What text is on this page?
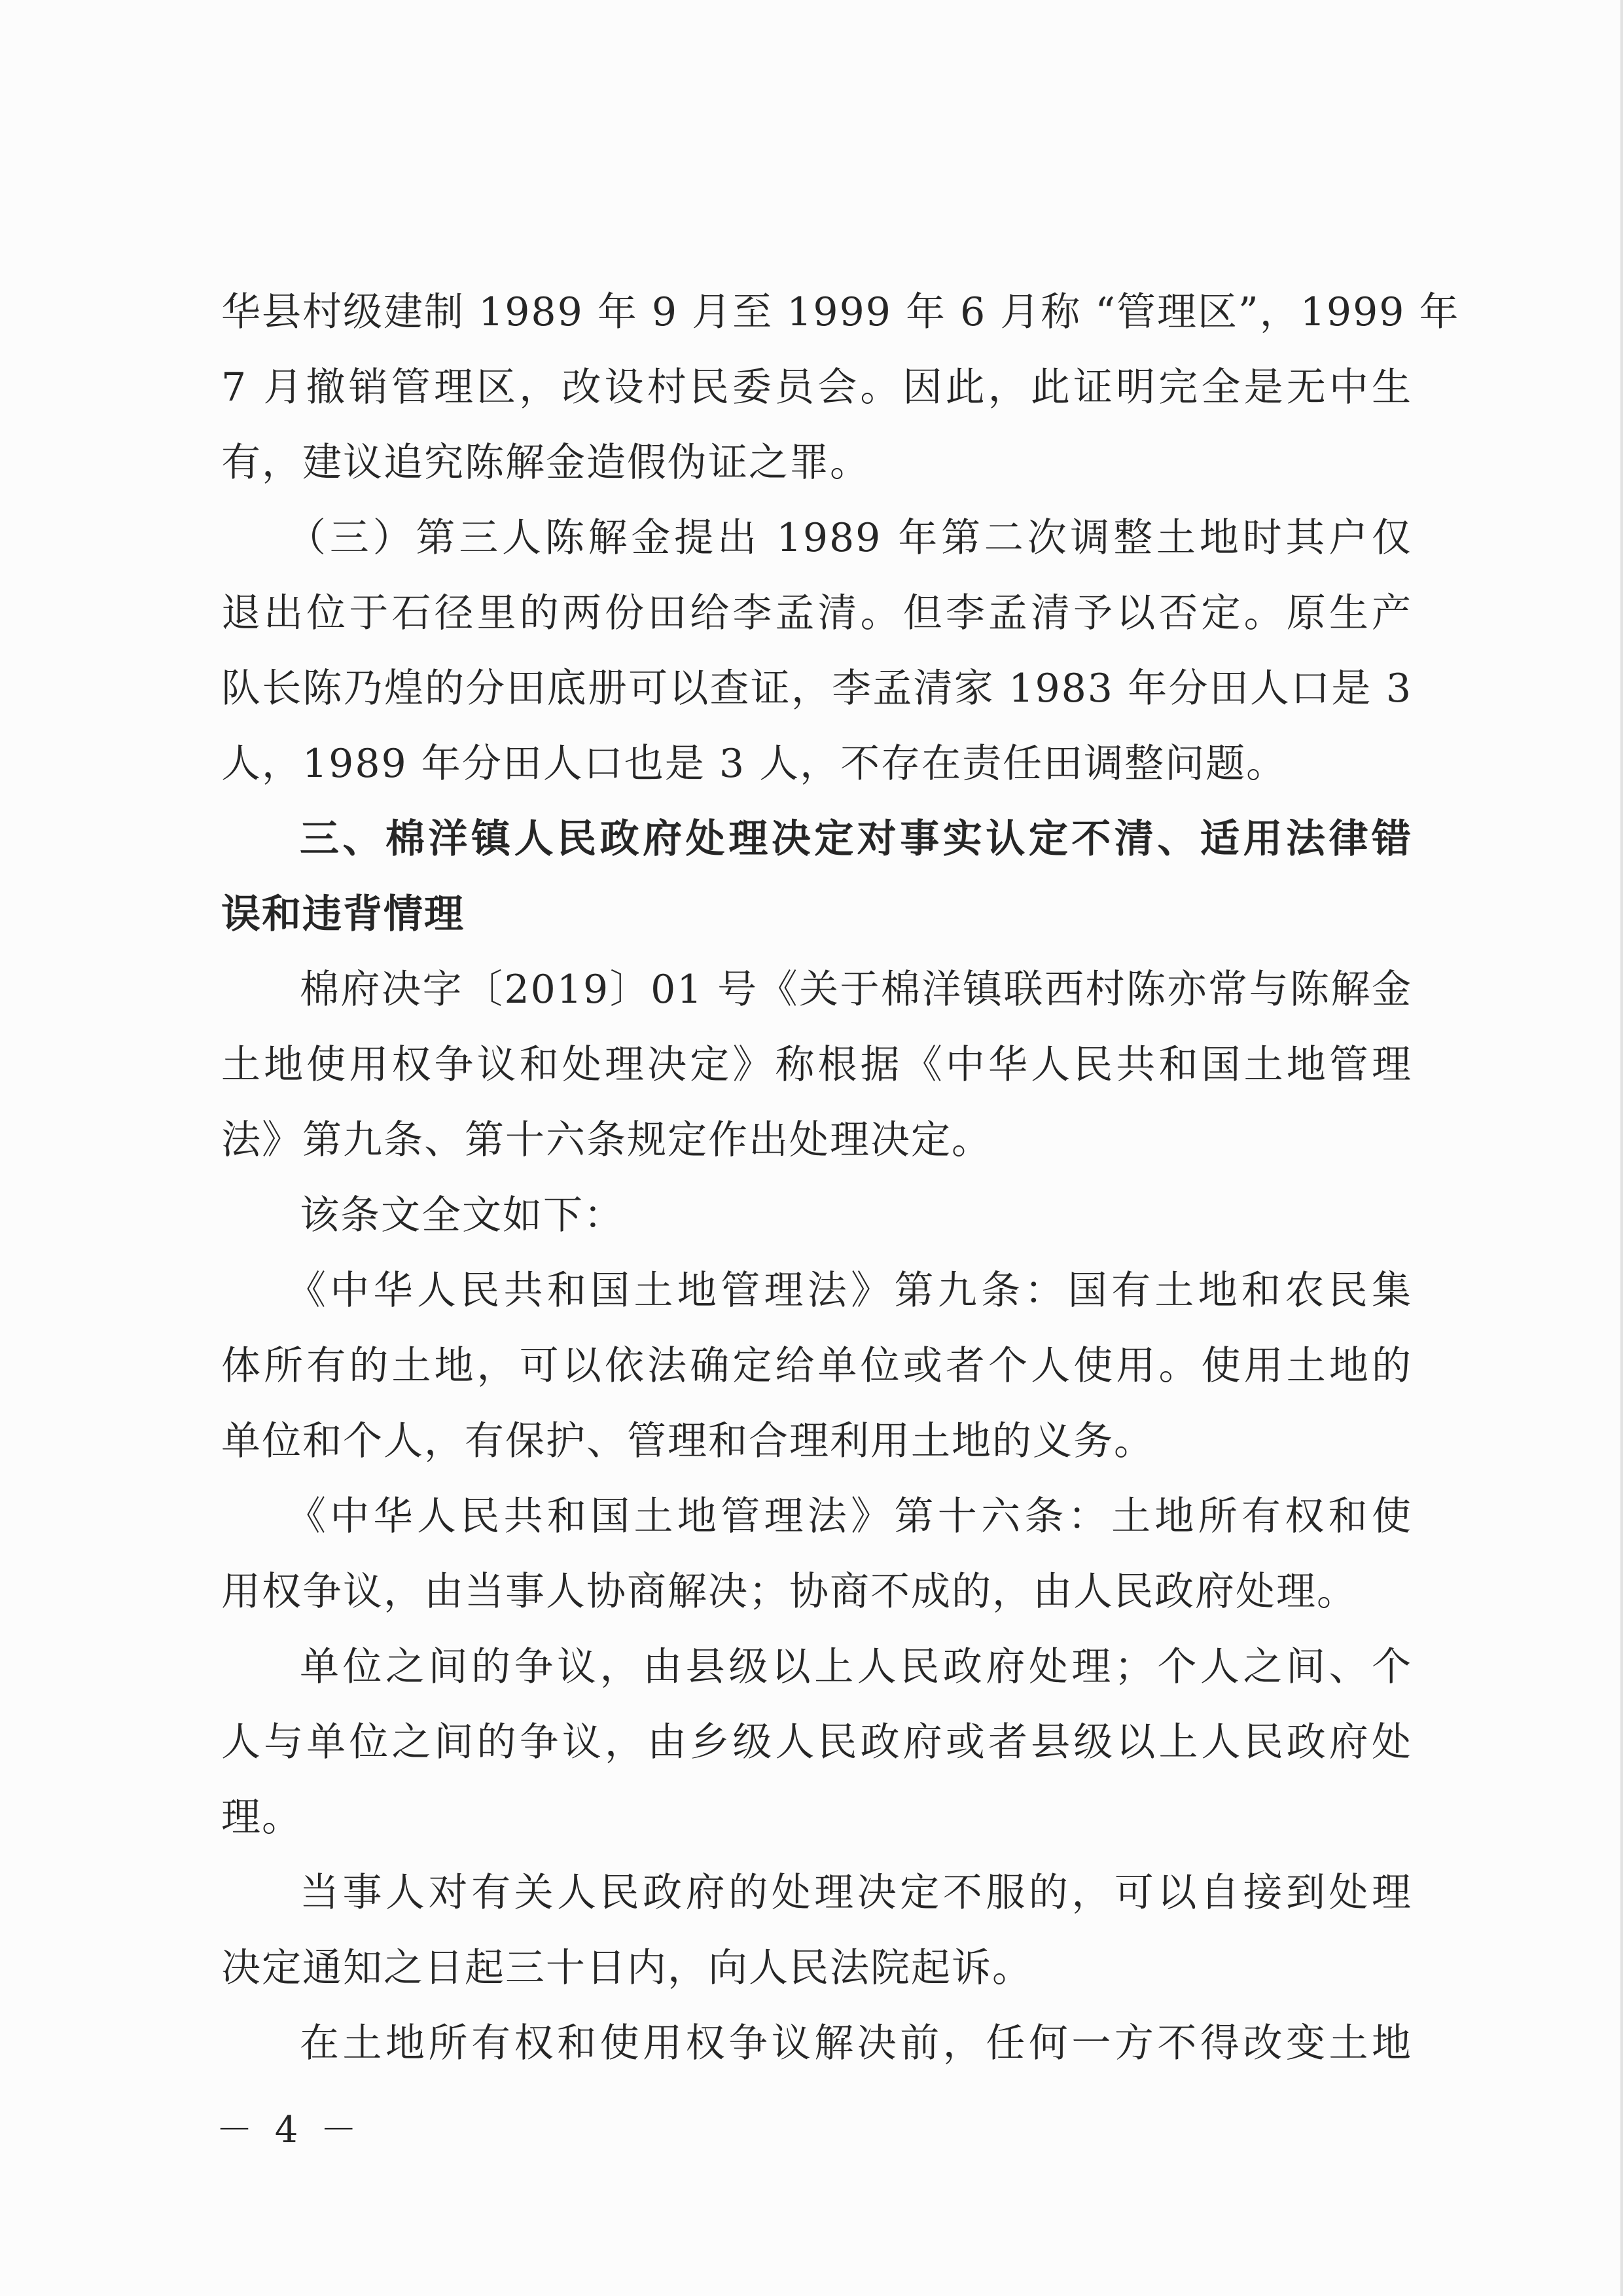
华县村级建制 1989 年 9 月至 1999 年 6 月称 “管理区”，1999 年
7 月撤销管理区，改设村民委员会。因此，此证明完全是无中生
有，建议追究陈解金造假伪证之罪。

（三）第三人陈解金提出 1989 年第二次调整土地时其户仅
退出位于石径里的两份田给李孟清。但李孟清予以否定。原生产
队长陈乃煌的分田底册可以查证，李孟清家 1983 年分田人口是 3
人，1989 年分田人口也是 3 人，不存在责任田调整问题。

三、棉洋镇人民政府处理决定对事实认定不清、适用法律错
误和违背情理

棉府决字〔2019〕01 号《关于棉洋镇联西村陈亦常与陈解金
土地使用权争议和处理决定》称根据《中华人民共和国土地管理
法》第九条、第十六条规定作出处理决定。

该条文全文如下：

《中华人民共和国土地管理法》第九条：国有土地和农民集
体所有的土地，可以依法确定给单位或者个人使用。使用土地的
单位和个人，有保护、管理和合理利用土地的义务。

《中华人民共和国土地管理法》第十六条：土地所有权和使
用权争议，由当事人协商解决；协商不成的，由人民政府处理。

单位之间的争议，由县级以上人民政府处理；个人之间、个
人与单位之间的争议，由乡级人民政府或者县级以上人民政府处
理。

当事人对有关人民政府的处理决定不服的，可以自接到处理
决定通知之日起三十日内，向人民法院起诉。

在土地所有权和使用权争议解决前，任何一方不得改变土地

－ 4 －
